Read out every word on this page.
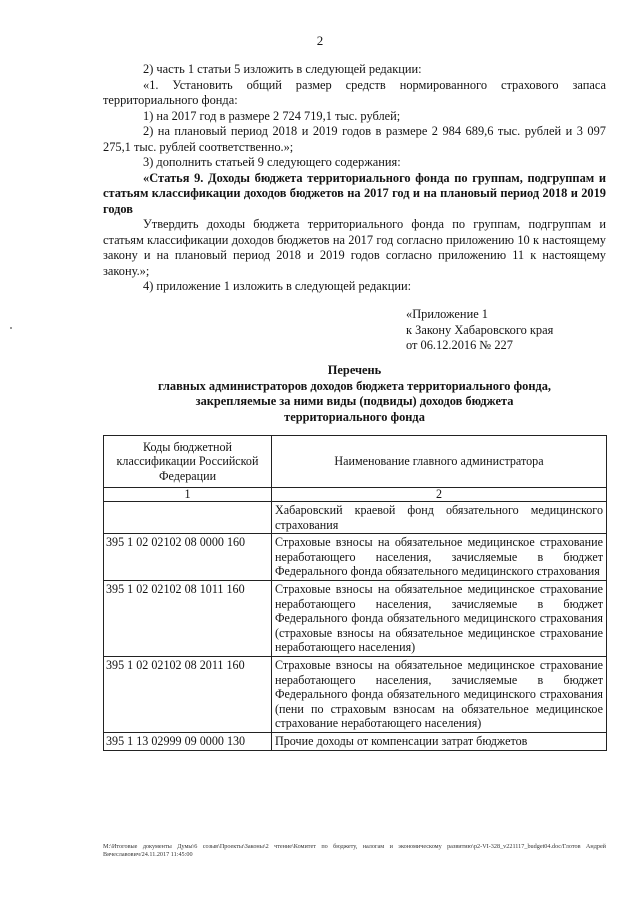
2

2) часть 1 статьи 5 изложить в следующей редакции:

«1. Установить общий размер средств нормированного страхового запаса территориального фонда:

1) на 2017 год в размере 2 724 719,1 тыс. рублей;

2) на плановый период 2018 и 2019 годов в размере 2 984 689,6 тыс. рублей и 3 097 275,1 тыс. рублей соответственно.»;

3) дополнить статьей 9 следующего содержания:

«Статья 9. Доходы бюджета территориального фонда по группам, подгруппам и статьям классификации доходов бюджетов на 2017 год и на плановый период 2018 и 2019 годов

Утвердить доходы бюджета территориального фонда по группам, подгруппам и статьям классификации доходов бюджетов на 2017 год согласно приложению 10 к настоящему закону и на плановый период 2018 и 2019 годов согласно приложению 11 к настоящему закону.»;

4) приложение 1 изложить в следующей редакции:

«Приложение 1
к Закону Хабаровского края
от 06.12.2016 № 227
Перечень
главных администраторов доходов бюджета территориального фонда,
закрепляемые за ними виды (подвиды) доходов бюджета
территориального фонда
Коды бюджетной классификации Российской Федерации	Наименование главного администратора
1	2
	Хабаровский краевой фонд обязательного медицинского страхования
395 1 02 02102 08 0000 160	Страховые взносы на обязательное медицинское страхование неработающего населения, зачисляемые в бюджет Федерального фонда обязательного медицинского страхования
395 1 02 02102 08 1011 160	Страховые взносы на обязательное медицинское страхование неработающего населения, зачисляемые в бюджет Федерального фонда обязательного медицинского страхования (страховые взносы на обязательное медицинское страхование неработающего населения)
395 1 02 02102 08 2011 160	Страховые взносы на обязательное медицинское страхование неработающего населения, зачисляемые в бюджет Федерального фонда обязательного медицинского страхования (пени по страховым взносам на обязательное медицинское страхование неработающего населения)
395 1 13 02999 09 0000 130	Прочие доходы от компенсации затрат бюджетов
M:\Итоговые документы Думы\6 созыв\Проекты\Законы\2 чтение\Комитет по бюджету, налогам и экономическому развитию\р2-VI-328_v221117_budget04.doc/Глотов Андрей Вячеславович/24.11.2017 11:45:00
